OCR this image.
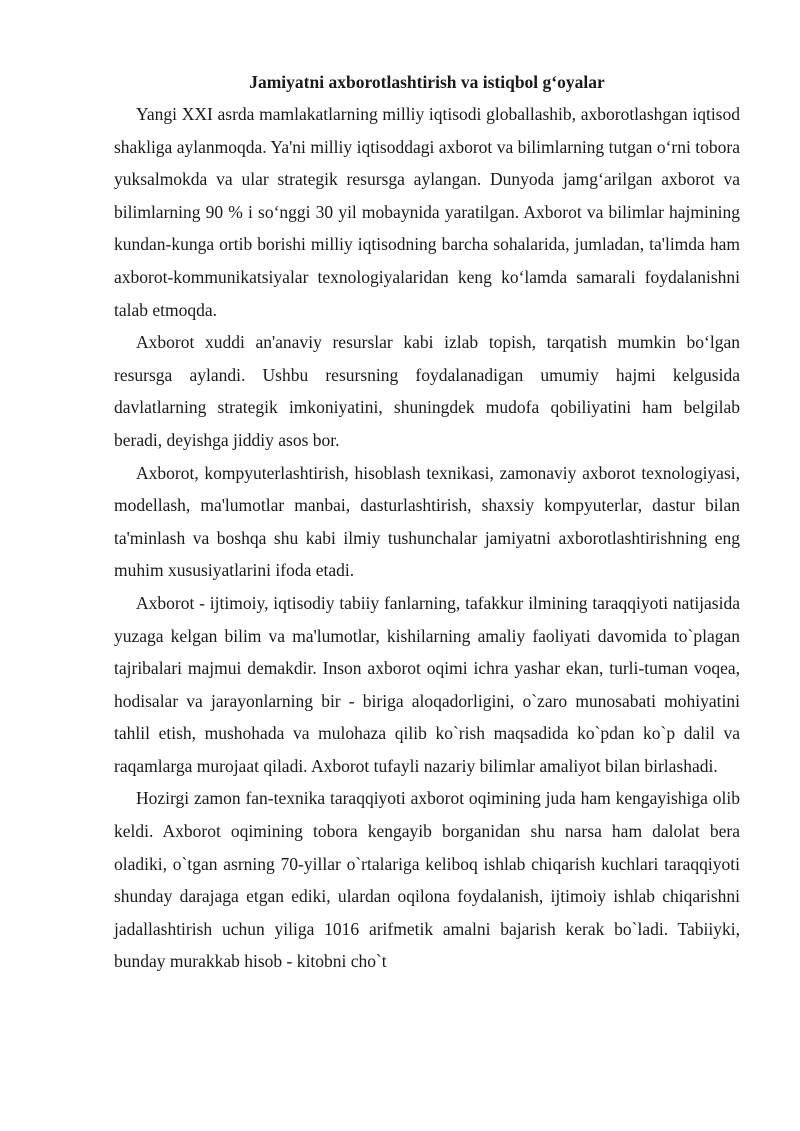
Jamiyatni axborotlashtirish va istiqbol g‘oyalar

Yangi XXI asrda mamlakatlarning milliy iqtisodi globallashib, axborotlashgan iqtisod shakliga aylanmoqda. Ya'ni milliy iqtisoddagi axborot va bilimlarning tutgan o‘rni tobora yuksalmokda va ular strategik resursga aylangan. Dunyoda jamg‘arilgan axborot va bilimlarning 90 % i so‘nggi 30 yil mobaynida yaratilgan. Axborot va bilimlar hajmining kundan-kunga ortib borishi milliy iqtisodning barcha sohalarida, jumladan, ta'limda ham axborot-kommunikatsiyalar texnologiyalaridan keng ko‘lamda samarali foydalanishni talab etmoqda.

Axborot xuddi an'anaviy resurslar kabi izlab topish, tarqatish mumkin bo‘lgan resursga aylandi. Ushbu resursning foydalanadigan umumiy hajmi kelgusida davlatlarning strategik imkoniyatini, shuningdek mudofa qobiliyatini ham belgilab beradi, deyishga jiddiy asos bor.

Axborot, kompyuterlashtirish, hisoblash texnikasi, zamonaviy axborot texnologiyasi, modellash, ma'lumotlar manbai, dasturlashtirish, shaxsiy kompyuterlar, dastur bilan ta'minlash va boshqa shu kabi ilmiy tushunchalar jamiyatni axborotlashtirishning eng muhim xususiyatlarini ifoda etadi.

Axborot - ijtimoiy, iqtisodiy tabiiy fanlarning, tafakkur ilmining taraqqiyoti natijasida yuzaga kelgan bilim va ma'lumotlar, kishilarning amaliy faoliyati davomida to`plagan tajribalari majmui demakdir. Inson axborot oqimi ichra yashar ekan, turli-tuman voqea, hodisalar va jarayonlarning bir - biriga aloqadorligini, o`zaro munosabati mohiyatini tahlil etish, mushohada va mulohaza qilib ko`rish maqsadida ko`pdan ko`p dalil va raqamlarga murojaat qiladi. Axborot tufayli nazariy bilimlar amaliyot bilan birlashadi.

Hozirgi zamon fan-texnika taraqqiyoti axborot oqimining juda ham kengayishiga olib keldi. Axborot oqimining tobora kengayib borganidan shu narsa ham dalolat bera oladiki, o`tgan asrning 70-yillar o`rtalariga keliboq ishlab chiqarish kuchlari taraqqiyoti shunday darajaga etgan ediki, ulardan oqilona foydalanish, ijtimoiy ishlab chiqarishni jadallashtirish uchun yiliga 1016 arifmetik amalni bajarish kerak bo`ladi. Tabiiyki, bunday murakkab hisob - kitobni cho`t
